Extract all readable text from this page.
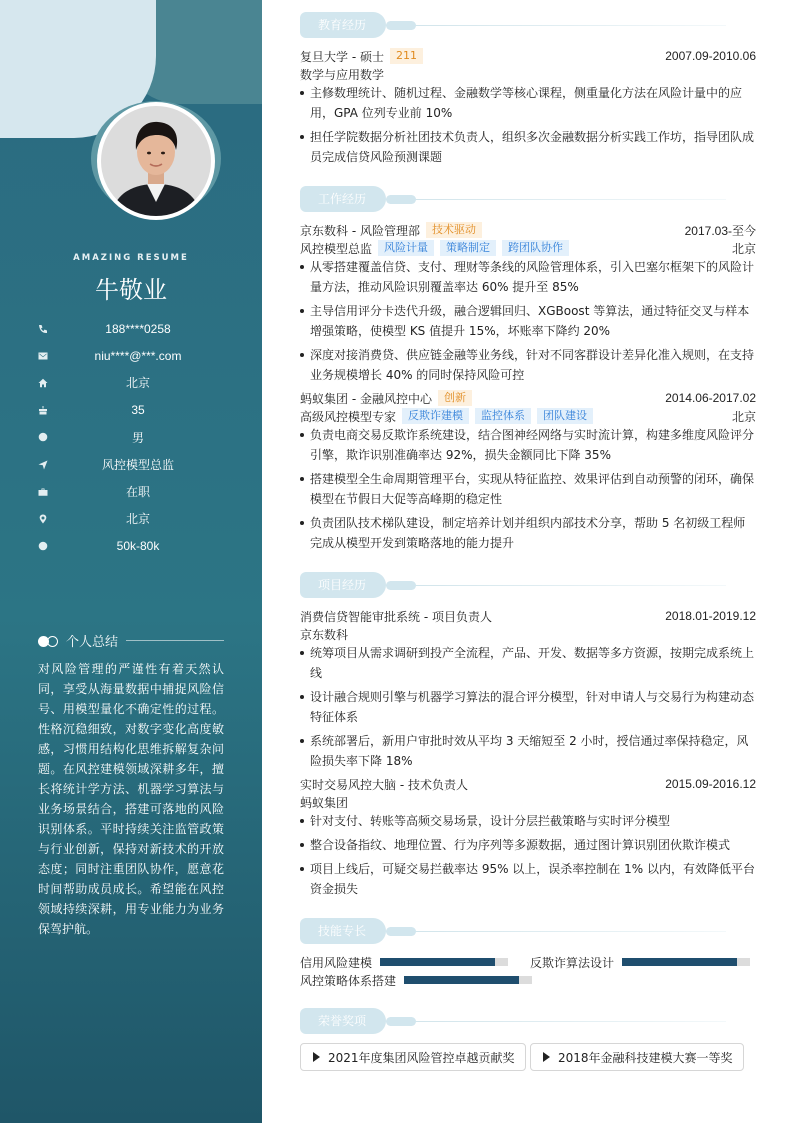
AMAZING RESUME
牛敬业
188****0258
niu****@***.com
北京
35
男
风控模型总监
在职
北京
50k-80k
个人总结
对风险管理的严谨性有着天然认同，享受从海量数据中捕捉风险信号、用模型量化不确定性的过程。性格沉稳细致，对数字变化高度敏感，习惯用结构化思维拆解复杂问题。在风控建模领域深耕多年，擅长将统计学方法、机器学习算法与业务场景结合，搭建可落地的风险识别体系。平时持续关注监管政策与行业创新，保持对新技术的开放态度；同时注重团队协作，愿意花时间帮助成员成长。希望能在风控领域持续深耕，用专业能力为业务保驾护航。
教育经历
复旦大学 - 硕士	211	2007.09-2010.06
数学与应用数学
主修数理统计、随机过程、金融数学等核心课程，侧重量化方法在风险计量中的应用，GPA 位列专业前 10%
担任学院数据分析社团技术负责人，组织多次金融数据分析实践工作坊，指导团队成员完成信贷风险预测课题
工作经历
京东数科 - 风险管理部	技术驱动	2017.03-至今
风控模型总监	风险计量	策略制定	跨团队协作	北京
从零搭建覆盖信贷、支付、理财等条线的风险管理体系，引入巴塞尔框架下的风险计量方法，推动风险识别覆盖率达 60% 提升至 85%
主导信用评分卡迭代升级，融合逻辑回归、XGBoost 等算法，通过特征交叉与样本增强策略，使模型 KS 值提升 15%，坏账率下降约 20%
深度对接消费贷、供应链金融等业务线，针对不同客群设计差异化准入规则，在支持业务规模增长 40% 的同时保持风险可控
蚂蚁集团 - 金融风控中心	创新	2014.06-2017.02
高级风控模型专家	反欺诈建模	监控体系	团队建设	北京
负责电商交易反欺诈系统建设，结合图神经网络与实时流计算，构建多维度风险评分引擎，欺诈识别准确率达 92%，损失金额同比下降 35%
搭建模型全生命周期管理平台，实现从特征监控、效果评估到自动预警的闭环，确保模型在节假日大促等高峰期的稳定性
负责团队技术梯队建设，制定培养计划并组织内部技术分享，帮助 5 名初级工程师完成从模型开发到策略落地的能力提升
项目经历
消费信贷智能审批系统 - 项目负责人	2018.01-2019.12
京东数科
统筹项目从需求调研到投产全流程，产品、开发、数据等多方资源，按期完成系统上线
设计融合规则引擎与机器学习算法的混合评分模型，针对申请人与交易行为构建动态特征体系
系统部署后，新用户审批时效从平均 3 天缩短至 2 小时，授信通过率保持稳定，风险损失率下降 18%
实时交易风控大脑 - 技术负责人	2015.09-2016.12
蚂蚁集团
针对支付、转账等高频交易场景，设计分层拦截策略与实时评分模型
整合设备指纹、地理位置、行为序列等多源数据，通过图计算识别团伙欺诈模式
项目上线后，可疑交易拦截率达 95% 以上，误杀率控制在 1% 以内，有效降低平台资金损失
技能专长
信用风险建模	反欺诈算法设计
风控策略体系搭建
荣誉奖项
2021年度集团风险管控卓越贡献奖	2018年金融科技建模大赛一等奖
